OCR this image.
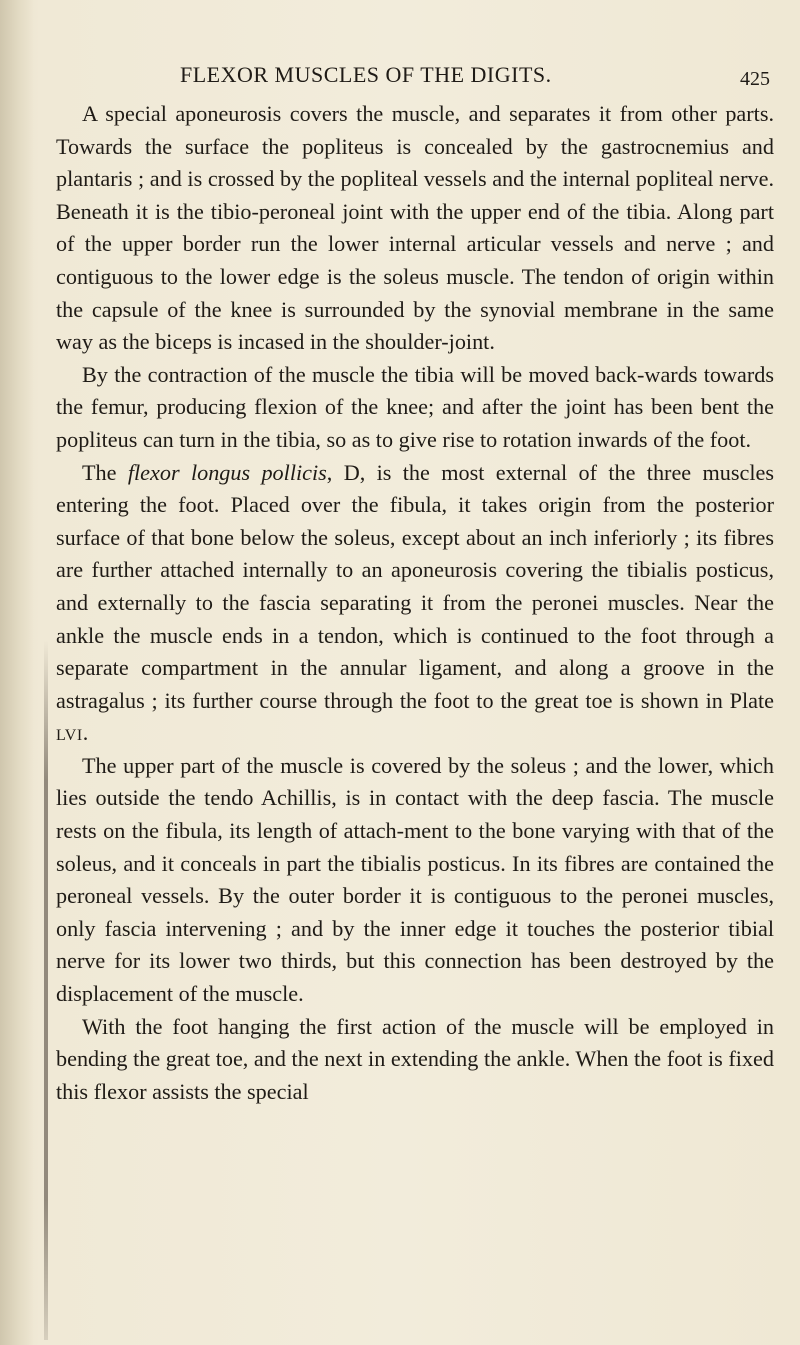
FLEXOR MUSCLES OF THE DIGITS.	425

A special aponeurosis covers the muscle, and separates it from other parts. Towards the surface the popliteus is concealed by the gastrocnemius and plantaris ; and is crossed by the popliteal vessels and the internal popliteal nerve. Beneath it is the tibio-peroneal joint with the upper end of the tibia. Along part of the upper border run the lower internal articular vessels and nerve ; and contiguous to the lower edge is the soleus muscle. The tendon of origin within the capsule of the knee is surrounded by the synovial membrane in the same way as the biceps is incased in the shoulder-joint.

By the contraction of the muscle the tibia will be moved back-wards towards the femur, producing flexion of the knee; and after the joint has been bent the popliteus can turn in the tibia, so as to give rise to rotation inwards of the foot.

The flexor longus pollicis, D, is the most external of the three muscles entering the foot. Placed over the fibula, it takes origin from the posterior surface of that bone below the soleus, except about an inch inferiorly ; its fibres are further attached internally to an aponeurosis covering the tibialis posticus, and externally to the fascia separating it from the peronei muscles. Near the ankle the muscle ends in a tendon, which is continued to the foot through a separate compartment in the annular ligament, and along a groove in the astragalus ; its further course through the foot to the great toe is shown in Plate lvi.

The upper part of the muscle is covered by the soleus ; and the lower, which lies outside the tendo Achillis, is in contact with the deep fascia. The muscle rests on the fibula, its length of attach-ment to the bone varying with that of the soleus, and it conceals in part the tibialis posticus. In its fibres are contained the peroneal vessels. By the outer border it is contiguous to the peronei muscles, only fascia intervening ; and by the inner edge it touches the posterior tibial nerve for its lower two thirds, but this connection has been destroyed by the displacement of the muscle.

With the foot hanging the first action of the muscle will be employed in bending the great toe, and the next in extending the ankle. When the foot is fixed this flexor assists the special
